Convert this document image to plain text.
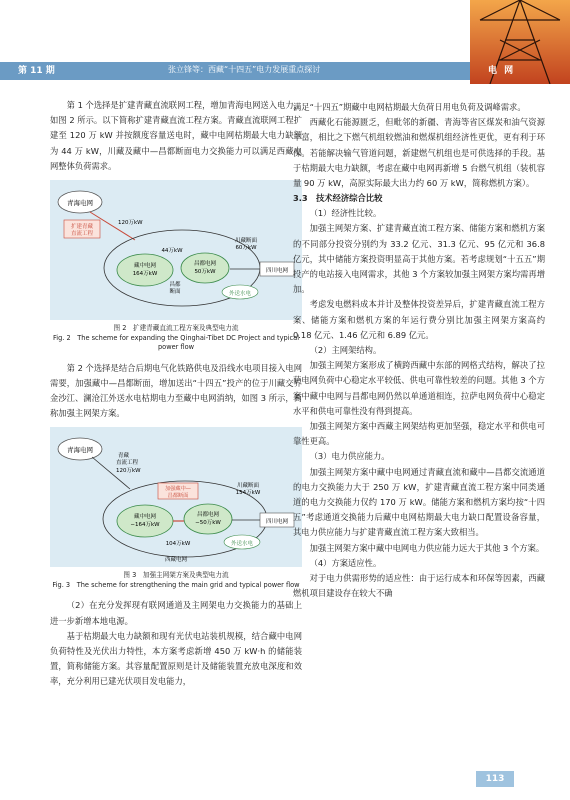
第 11 期	张立锋等：西藏“十四五”电力发展重点探讨	电 网

第 1 个选择是扩建青藏直流联网工程，增加青海电网送入电力，如图 2 所示。以下简称扩建青藏直流工程方案。青藏直流联网工程扩建至 120 万 kW 并按额度容量送电时，藏中电网枯期最大电力缺额为 44 万 kW，川藏及藏中—昌都断面电力交换能力可以满足西藏电网整体负荷需求。

青海电网
扩建青藏
直流工程
120万kW
藏中电网
164万kW
昌都电网
50万kW
44万kW
昌都
断面
川藏断面
60万kW
四川电网
外送水电
图 2　扩建青藏直流工程方案及典型电力流
Fig. 2　The scheme for expanding the Qinghai-Tibet DC Project and typical power flow

第 2 个选择是结合后期电气化铁路供电及沿线水电项目接入电网需要，加强藏中—昌都断面，增加送出“十四五”投产的位于川藏交界金沙江、澜沧江外送水电枯期电力至藏中电网消纳，如图 3 所示，简称加强主网架方案。

青海电网
青藏
直流工程
120万kW
加强藏中—
昌都断面
藏中电网
−164万kW
昌都电网
−50万kW
104万kW
川藏断面
154万kW
四川电网
外送水电
西藏电网
图 3　加强主网架方案及典型电力流
Fig. 3　The scheme for strengthening the main grid and typical power flow

（2）在充分发挥现有联网通道及主网架电力交换能力的基础上进一步新增本地电源。

基于枯期最大电力缺额和现有光伏电站装机规模，结合藏中电网负荷特性及光伏出力特性，本方案考虑新增 450 万 kW·h 的储能装置，简称储能方案。其容量配置原则是计及储能装置充放电深度和效率，充分利用已建光伏项目发电能力，

满足“十四五”期藏中电网枯期最大负荷日用电负荷及调峰需求。

西藏化石能源匮乏，但毗邻的新疆、青海等省区煤炭和油气资源丰富，相比之下燃气机组较燃油和燃煤机组经济性更优，更有利于环保。若能解决输气管道问题，新建燃气机组也是可供选择的手段。基于枯期最大电力缺额，考虑在藏中电网再新增 5 台燃气机组（装机容量 90 万 kW，高原实际最大出力约 60 万 kW，简称燃机方案）。

3.3　技术经济综合比较

（1）经济性比较。

加强主网架方案、扩建青藏直流工程方案、储能方案和燃机方案的不同部分投资分别约为 33.2 亿元、31.3 亿元、95 亿元和 36.8 亿元，其中储能方案投资明显高于其他方案。若考虑规划“十五五”期投产的电站接入电网需求，其他 3 个方案较加强主网架方案均需再增加。

考虑发电燃料成本并计及整体投资差异后，扩建青藏直流工程方案、储能方案和燃机方案的年运行费分别比加强主网架方案高约 0.18 亿元、1.46 亿元和 6.89 亿元。

（2）主网架结构。

加强主网架方案形成了横跨西藏中东部的网格式结构，解决了拉萨电网负荷中心稳定水平较低、供电可靠性较差的问题。其他 3 个方案中藏中电网与昌都电网仍然以单通道相连，拉萨电网负荷中心稳定水平和供电可靠性没有得到提高。

加强主网架方案中西藏主网架结构更加坚强，稳定水平和供电可靠性更高。

（3）电力供应能力。

加强主网架方案中藏中电网通过青藏直流和藏中—昌都交流通道的电力交换能力大于 250 万 kW，扩建青藏直流工程方案中同类通道的电力交换能力仅约 170 万 kW。储能方案和燃机方案均按“十四五”考虑通道交换能力后藏中电网枯期最大电力缺口配置设备容量，其电力供应能力与扩建青藏直流工程方案大致相当。

加强主网架方案中藏中电网电力供应能力远大于其他 3 个方案。

（4）方案适应性。

对于电力供需形势的适应性：由于运行成本和环保等因素，西藏燃机项目建设存在较大不确

113
